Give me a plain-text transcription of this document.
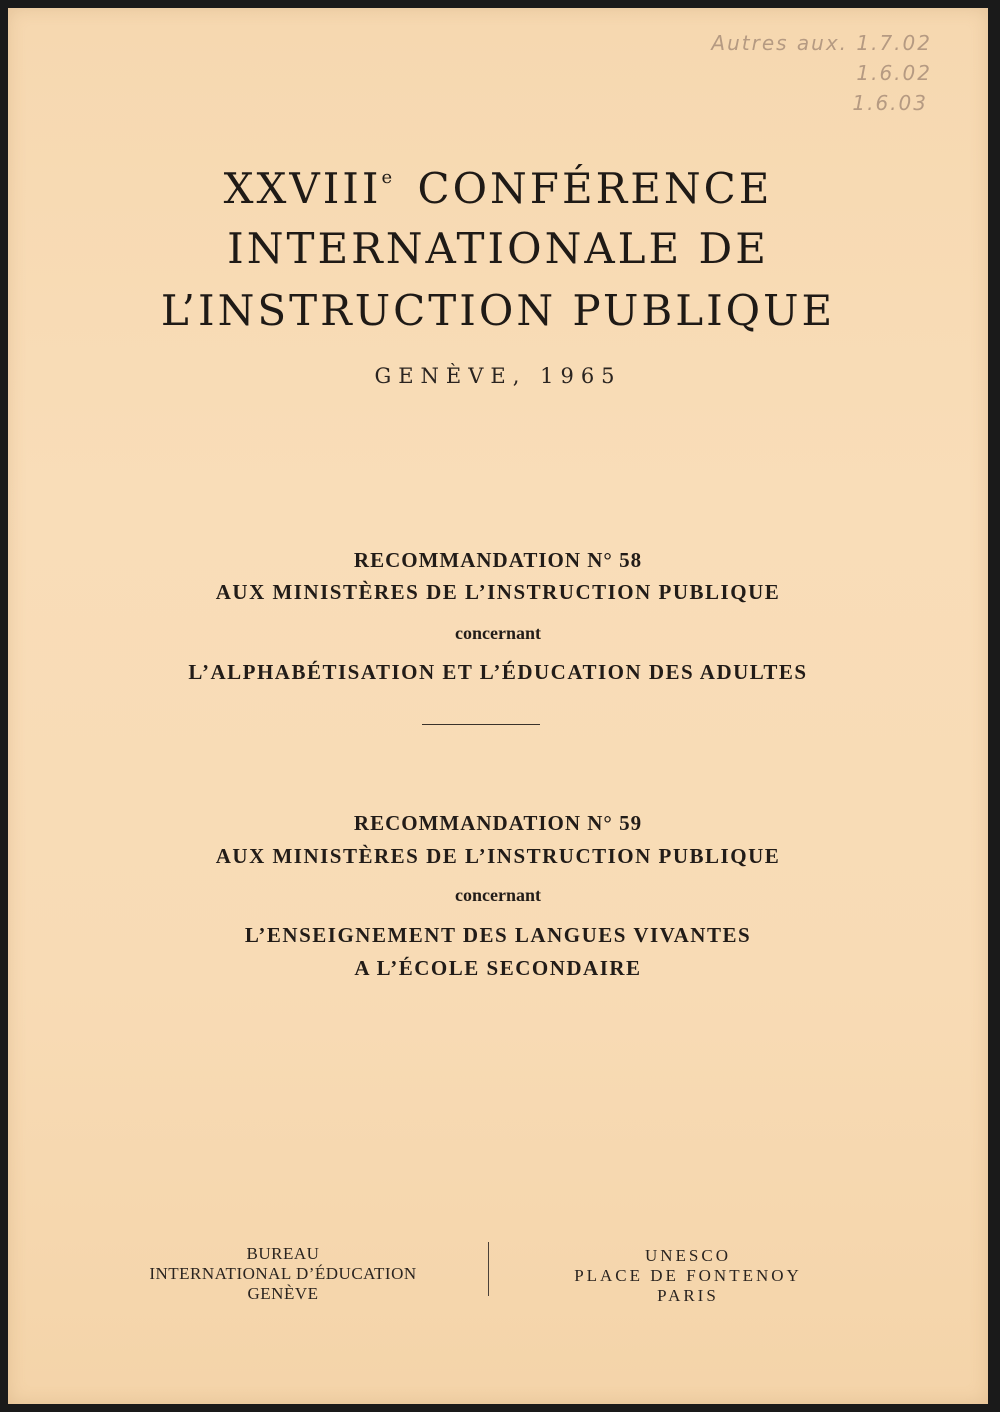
Autres aux. 1.7.02
1.6.02
1.6.03
XXVIIIe CONFÉRENCE
INTERNATIONALE DE
L’INSTRUCTION PUBLIQUE
GENÈVE, 1965
RECOMMANDATION N° 58
AUX MINISTÈRES DE L’INSTRUCTION PUBLIQUE
concernant
L’ALPHABÉTISATION ET L’ÉDUCATION DES ADULTES
RECOMMANDATION N° 59
AUX MINISTÈRES DE L’INSTRUCTION PUBLIQUE
concernant
L’ENSEIGNEMENT DES LANGUES VIVANTES
A L’ÉCOLE SECONDAIRE
BUREAU
INTERNATIONAL D’ÉDUCATION
GENÈVE
UNESCO
PLACE DE FONTENOY
PARIS
